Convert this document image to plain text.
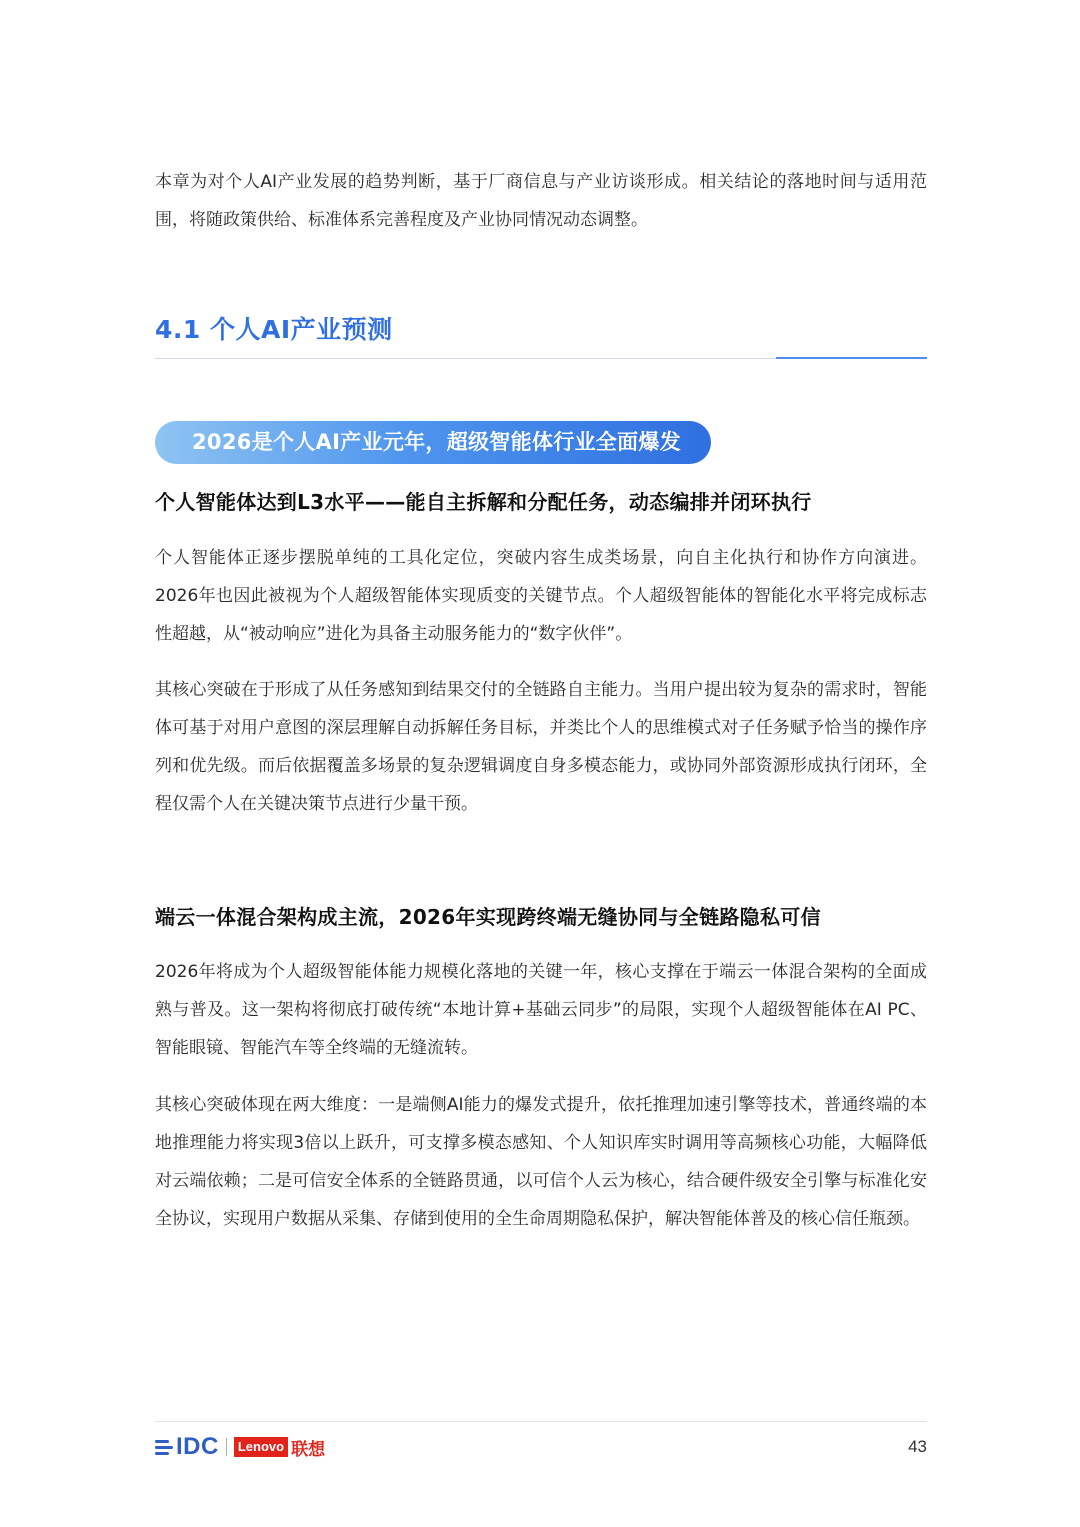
本章为对个人AI产业发展的趋势判断，基于厂商信息与产业访谈形成。相关结论的落地时间与适用范围，将随政策供给、标准体系完善程度及产业协同情况动态调整。

4.1 个人AI产业预测
2026是个人AI产业元年，超级智能体行业全面爆发
个人智能体达到L3水平——能自主拆解和分配任务，动态编排并闭环执行

个人智能体正逐步摆脱单纯的工具化定位，突破内容生成类场景，向自主化执行和协作方向演进。2026年也因此被视为个人超级智能体实现质变的关键节点。个人超级智能体的智能化水平将完成标志性超越，从“被动响应”进化为具备主动服务能力的“数字伙伴”。

其核心突破在于形成了从任务感知到结果交付的全链路自主能力。当用户提出较为复杂的需求时，智能体可基于对用户意图的深层理解自动拆解任务目标，并类比个人的思维模式对子任务赋予恰当的操作序列和优先级。而后依据覆盖多场景的复杂逻辑调度自身多模态能力，或协同外部资源形成执行闭环，全程仅需个人在关键决策节点进行少量干预。

端云一体混合架构成主流，2026年实现跨终端无缝协同与全链路隐私可信

2026年将成为个人超级智能体能力规模化落地的关键一年，核心支撑在于端云一体混合架构的全面成熟与普及。这一架构将彻底打破传统“本地计算+基础云同步”的局限，实现个人超级智能体在AI PC、智能眼镜、智能汽车等全终端的无缝流转。

其核心突破体现在两大维度：一是端侧AI能力的爆发式提升，依托推理加速引擎等技术，普通终端的本地推理能力将实现3倍以上跃升，可支撑多模态感知、个人知识库实时调用等高频核心功能，大幅降低对云端依赖；二是可信安全体系的全链路贯通，以可信个人云为核心，结合硬件级安全引擎与标准化安全协议，实现用户数据从采集、存储到使用的全生命周期隐私保护，解决智能体普及的核心信任瓶颈。

IDC	Lenovo 联想	43
